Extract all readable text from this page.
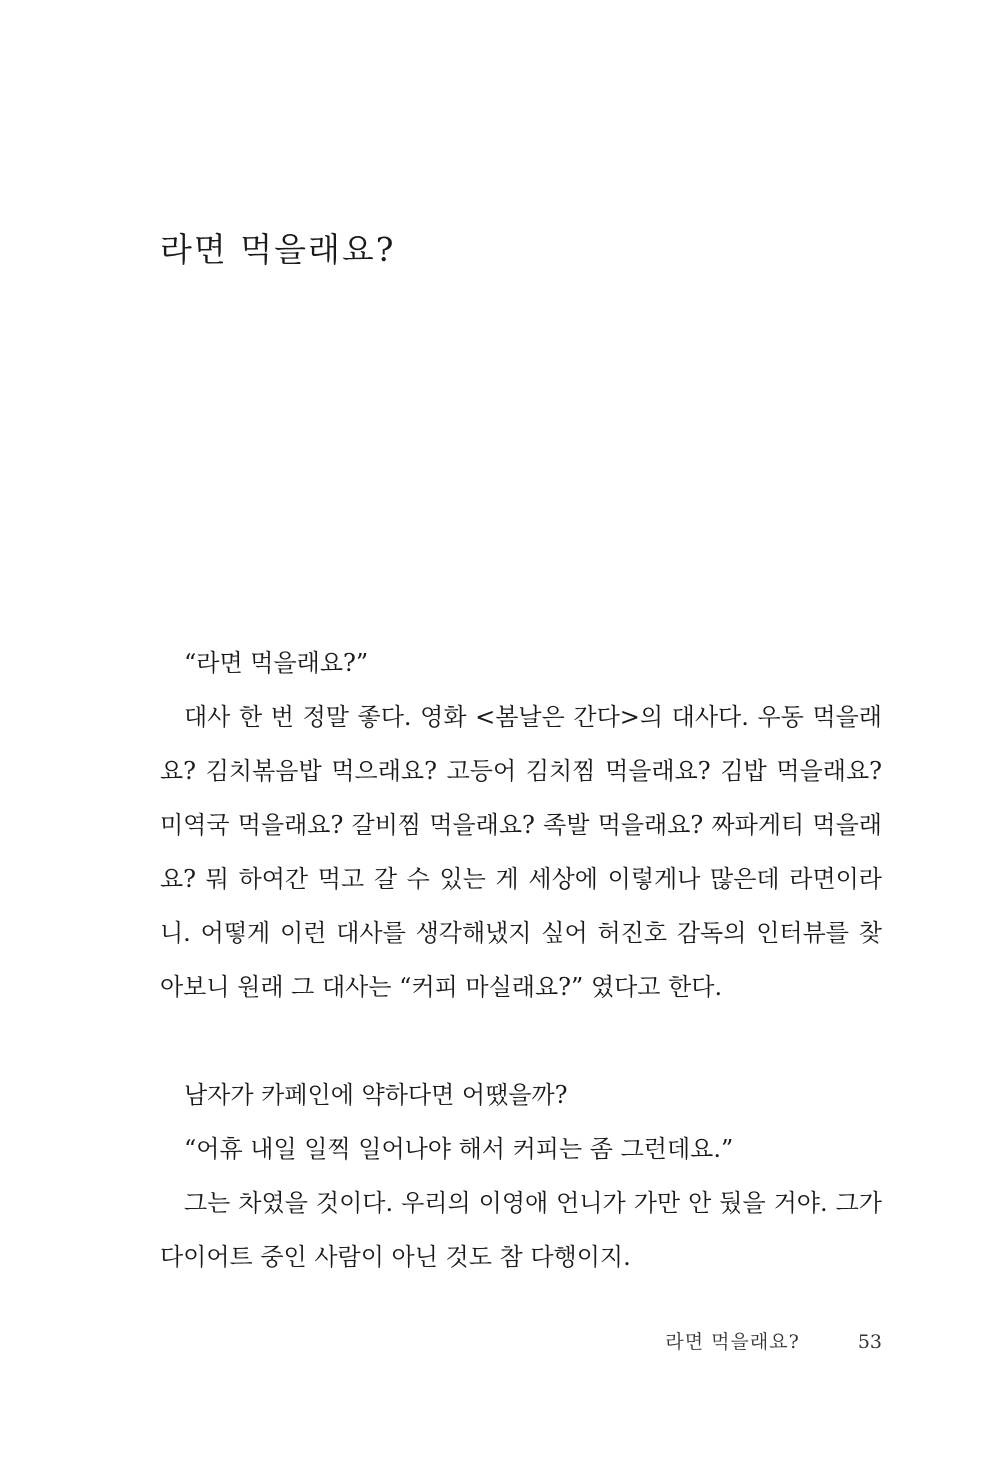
라면 먹을래요?

“라면 먹을래요?”

대사 한 번 정말 좋다. 영화 <봄날은 간다>의 대사다. 우동 먹을래요? 김치볶음밥 먹으래요? 고등어 김치찜 먹을래요? 김밥 먹을래요? 미역국 먹을래요? 갈비찜 먹을래요? 족발 먹을래요? 짜파게티 먹을래요? 뭐 하여간 먹고 갈 수 있는 게 세상에 이렇게나 많은데 라면이라니. 어떻게 이런 대사를 생각해냈지 싶어 허진호 감독의 인터뷰를 찾아보니 원래 그 대사는 “커피 마실래요?” 였다고 한다.

남자가 카페인에 약하다면 어땠을까?

“어휴 내일 일찍 일어나야 해서 커피는 좀 그런데요.”

그는 차였을 것이다. 우리의 이영애 언니가 가만 안 뒀을 거야. 그가 다이어트 중인 사람이 아닌 것도 참 다행이지.

라면 먹을래요?	53
